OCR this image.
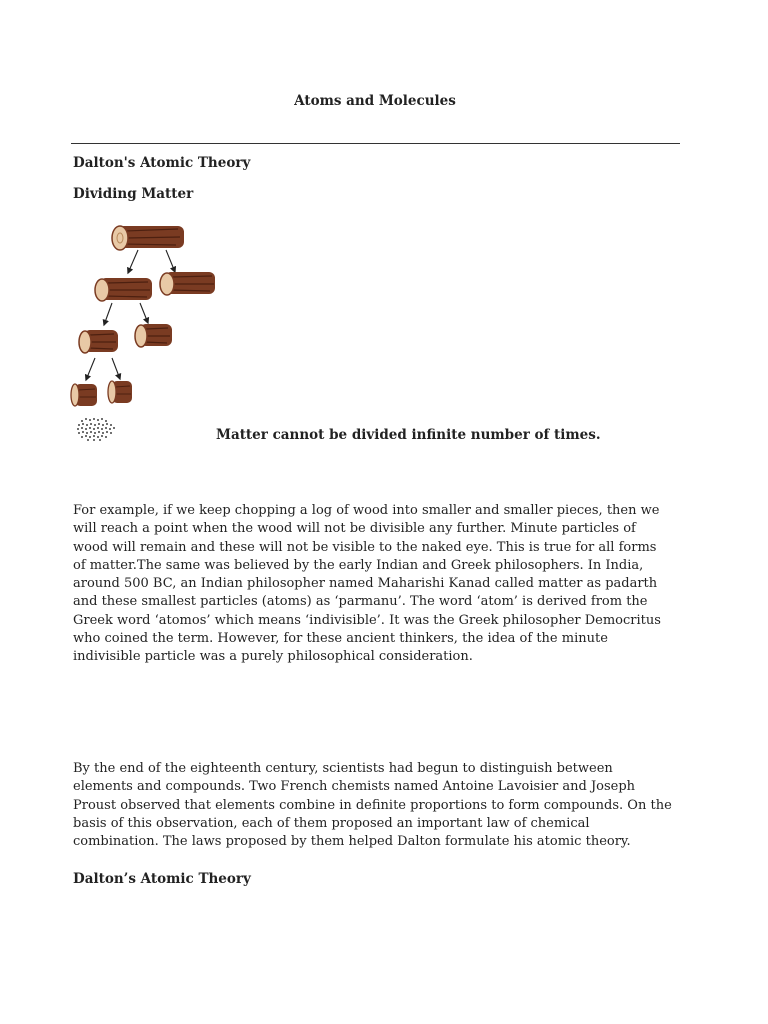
Atoms and Molecules
Dalton's Atomic Theory
Dividing Matter
Matter cannot be divided infinite number of times.

For example, if we keep chopping a log of wood into smaller and smaller pieces, then we will reach a point when the wood will not be divisible any further. Minute particles of wood will remain and these will not be visible to the naked eye. This is true for all forms of matter.The same was believed by the early Indian and Greek philosophers. In India, around 500 BC, an Indian philosopher named Maharishi Kanad called matter as padarth and these smallest particles (atoms) as ‘parmanu’. The word ‘atom’ is derived from the Greek word ‘atomos’ which means ‘indivisible’. It was the Greek philosopher Democritus who coined the term. However, for these ancient thinkers, the idea of the minute indivisible particle was a purely philosophical consideration.

By the end of the eighteenth century, scientists had begun to distinguish between elements and compounds. Two French chemists named Antoine Lavoisier and Joseph Proust observed that elements combine in definite proportions to form compounds. On the basis of this observation, each of them proposed an important law of chemical combination. The laws proposed by them helped Dalton formulate his atomic theory.

Dalton’s Atomic Theory
